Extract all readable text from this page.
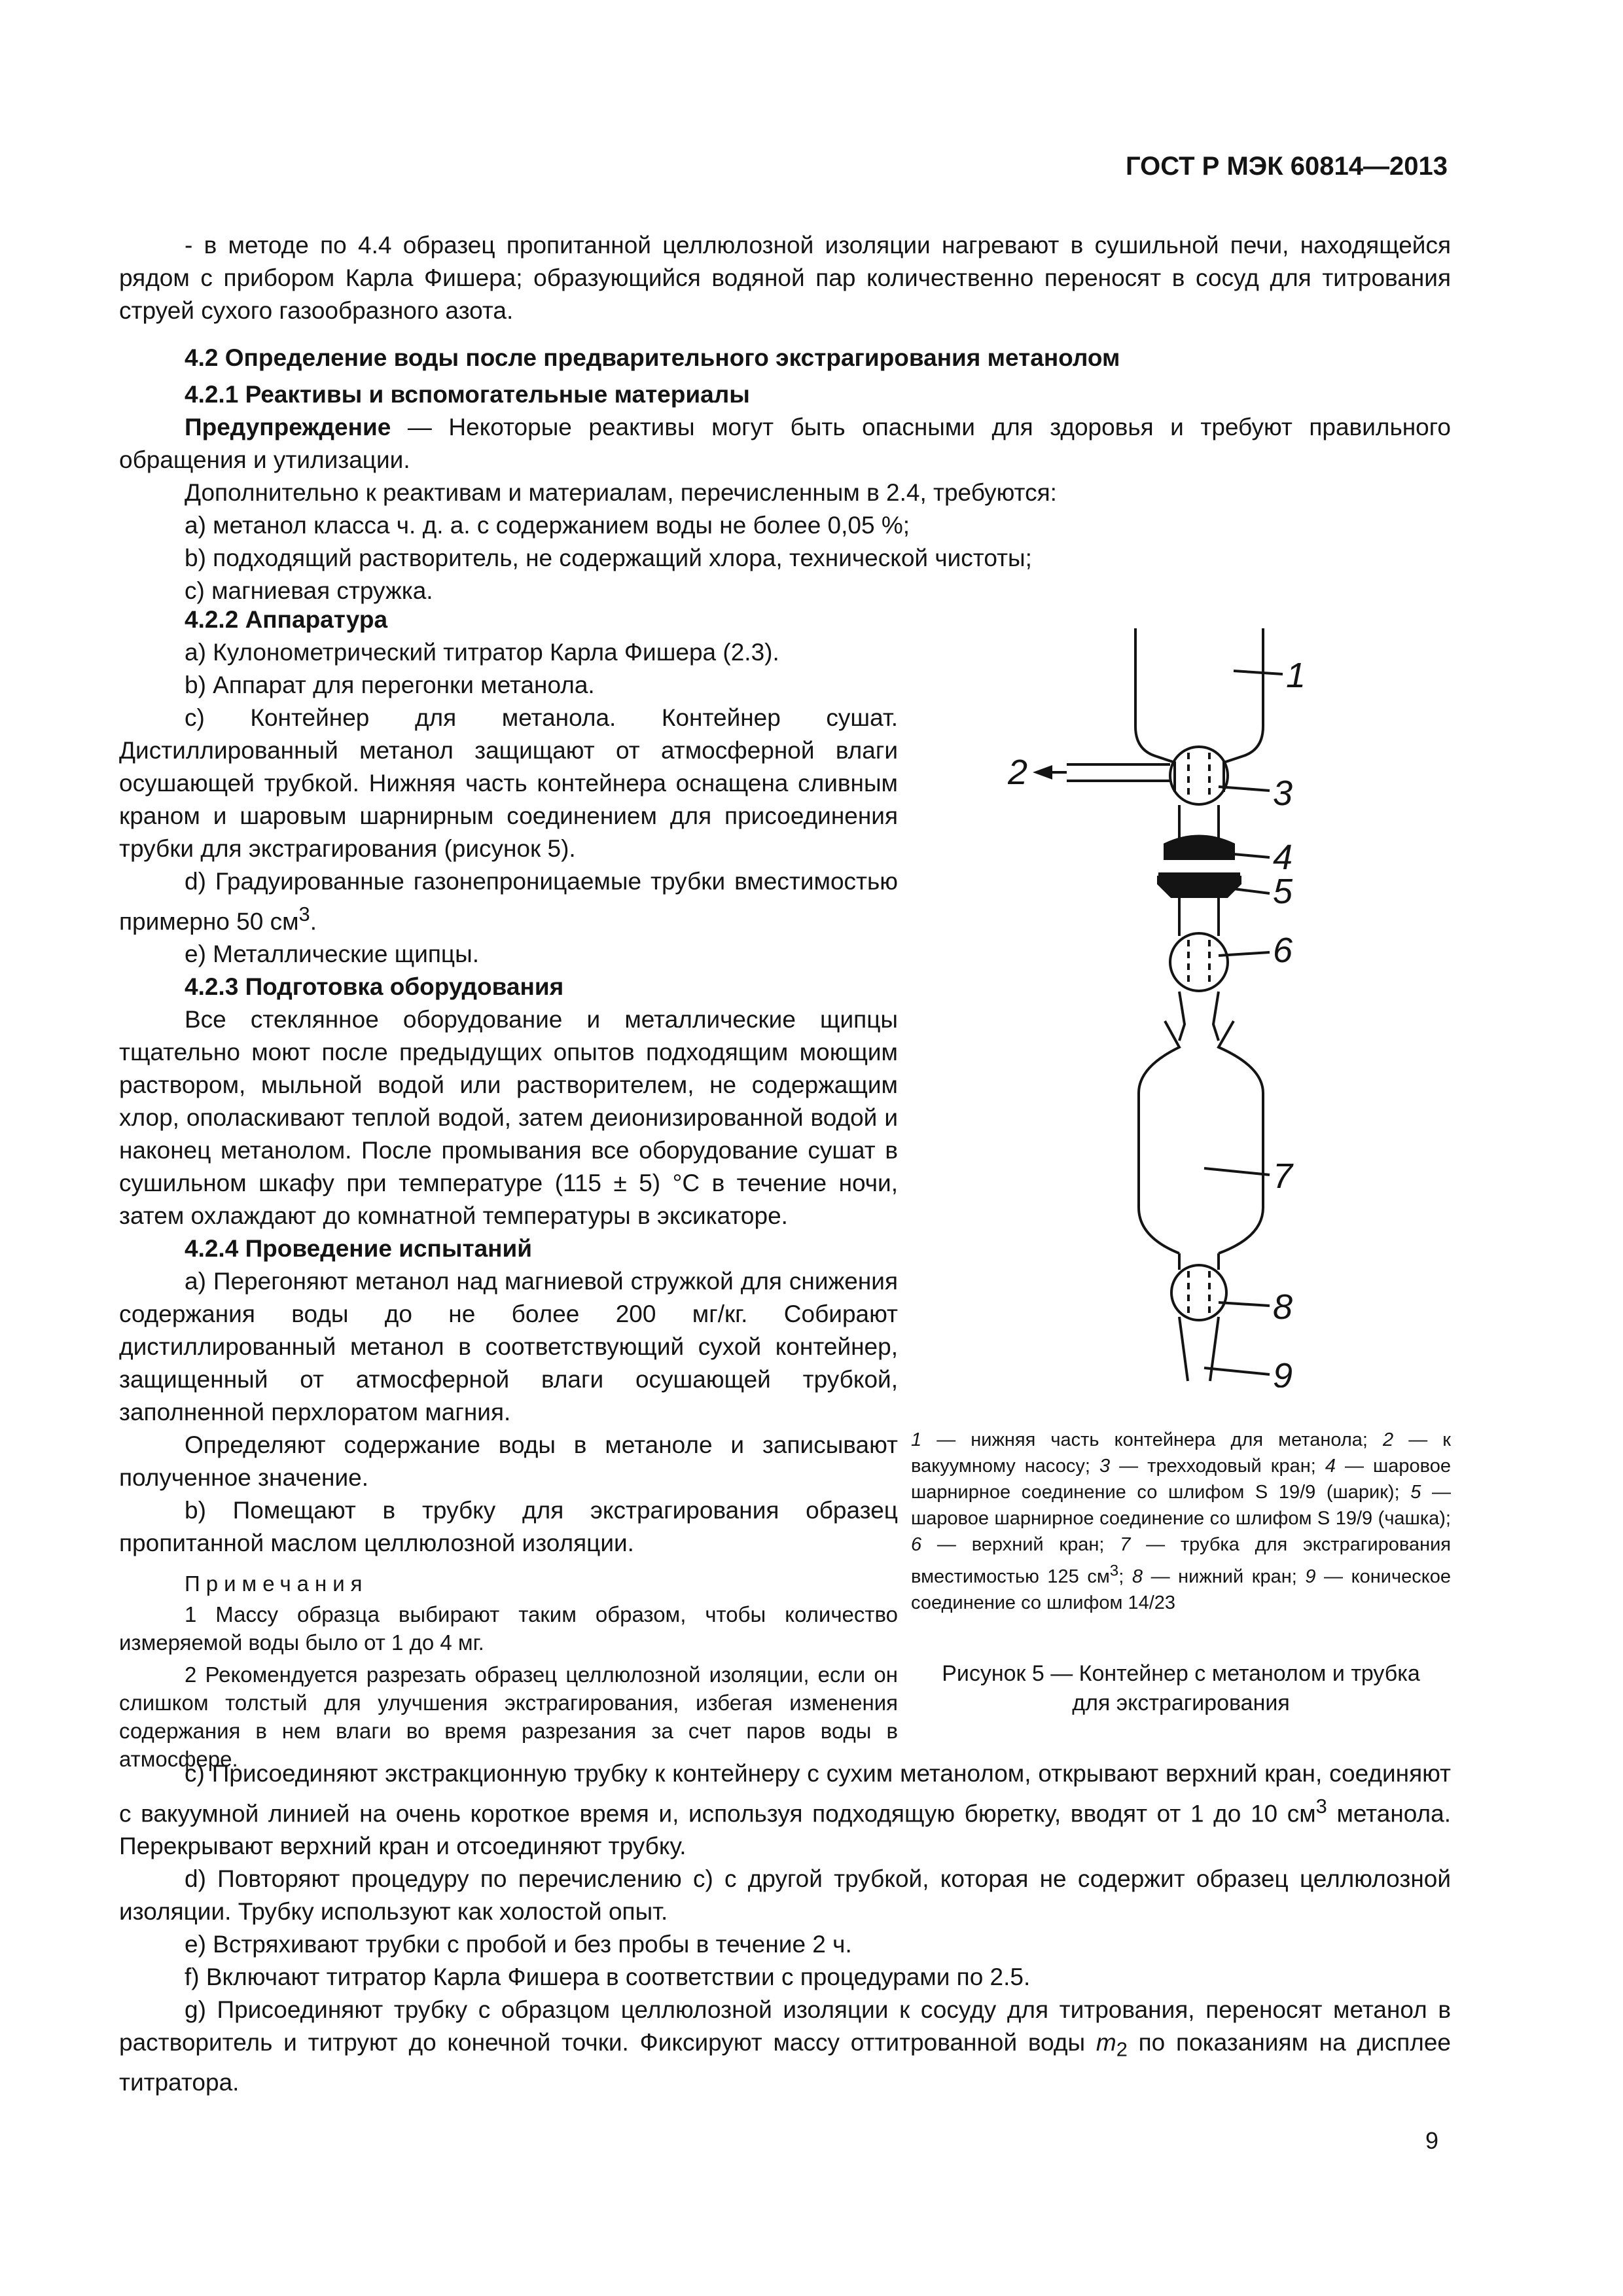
ГОСТ Р МЭК 60814—2013

- в методе по 4.4 образец пропитанной целлюлозной изоляции нагревают в сушильной печи, находящейся рядом с прибором Карла Фишера; образующийся водяной пар количественно переносят в сосуд для титрования струей сухого газообразного азота.

4.2 Определение воды после предварительного экстрагирования метанолом

4.2.1 Реактивы и вспомогательные материалы

Предупреждение — Некоторые реактивы могут быть опасными для здоровья и требуют правильного обращения и утилизации.

Дополнительно к реактивам и материалам, перечисленным в 2.4, требуются:

а) метанол класса ч. д. а. с содержанием воды не более 0,05 %;

b) подходящий растворитель, не содержащий хлора, технической чистоты;

с) магниевая стружка.

4.2.2 Аппаратура

а) Кулонометрический титратор Карла Фишера (2.3).

b) Аппарат для перегонки метанола.

с) Контейнер для метанола. Контейнер сушат. Дистиллированный метанол защищают от атмосферной влаги осушающей трубкой. Нижняя часть контейнера оснащена сливным краном и шаровым шарнирным соединением для присоединения трубки для экстрагирования (рисунок 5).

d) Градуированные газонепроницаемые трубки вместимостью примерно 50 $см^3$.

е) Металлические щипцы.

4.2.3 Подготовка оборудования

Все стеклянное оборудование и металлические щипцы тщательно моют после предыдущих опытов подходящим моющим раствором, мыльной водой или растворителем, не содержащим хлор, ополаскивают теплой водой, затем деионизированной водой и наконец метанолом. После промывания все оборудование сушат в сушильном шкафу при температуре (115 ± 5) °С в течение ночи, затем охлаждают до комнатной температуры в эксикаторе.

4.2.4 Проведение испытаний

а) Перегоняют метанол над магниевой стружкой для снижения содержания воды до не более 200 мг/кг. Собирают дистиллированный метанол в соответствующий сухой контейнер, защищенный от атмосферной влаги осушающей трубкой, заполненной перхлоратом магния.

Определяют содержание воды в метаноле и записывают полученное значение.

b) Помещают в трубку для экстрагирования образец пропитанной маслом целлюлозной изоляции.

Примечания

1 Массу образца выбирают таким образом, чтобы количество измеряемой воды было от 1 до 4 мг.

2 Рекомендуется разрезать образец целлюлозной изоляции, если он слишком толстый для улучшения экстрагирования, избегая изменения содержания в нем влаги во время разрезания за счет паров воды в атмосфере.

1
2
3
4
5
6
7
8
9
1 — нижняя часть контейнера для метанола; 2 — к вакуумному насосу; 3 — трехходовый кран; 4 — шаровое шарнирное соединение со шлифом S 19/9 (шарик); 5 — шаровое шарнирное соединение со шлифом S 19/9 (чашка); 6 — верхний кран; 7 — трубка для экстрагирования вместимостью 125 $см^3$; 8 — нижний кран; 9 — коническое соединение со шлифом 14/23
Рисунок 5 — Контейнер с метанолом и трубка
для экстрагирования

с) Присоединяют экстракционную трубку к контейнеру с сухим метанолом, открывают верхний кран, соединяют с вакуумной линией на очень короткое время и, используя подходящую бюретку, вводят от 1 до 10 $см^3$ метанола. Перекрывают верхний кран и отсоединяют трубку.

d) Повторяют процедуру по перечислению с) с другой трубкой, которая не содержит образец целлюлозной изоляции. Трубку используют как холостой опыт.

е) Встряхивают трубки с пробой и без пробы в течение 2 ч.

f) Включают титратор Карла Фишера в соответствии с процедурами по 2.5.

g) Присоединяют трубку с образцом целлюлозной изоляции к сосуду для титрования, переносят метанол в растворитель и титруют до конечной точки. Фиксируют массу оттитрованной воды $m_2$ по показаниям на дисплее титратора.

9
